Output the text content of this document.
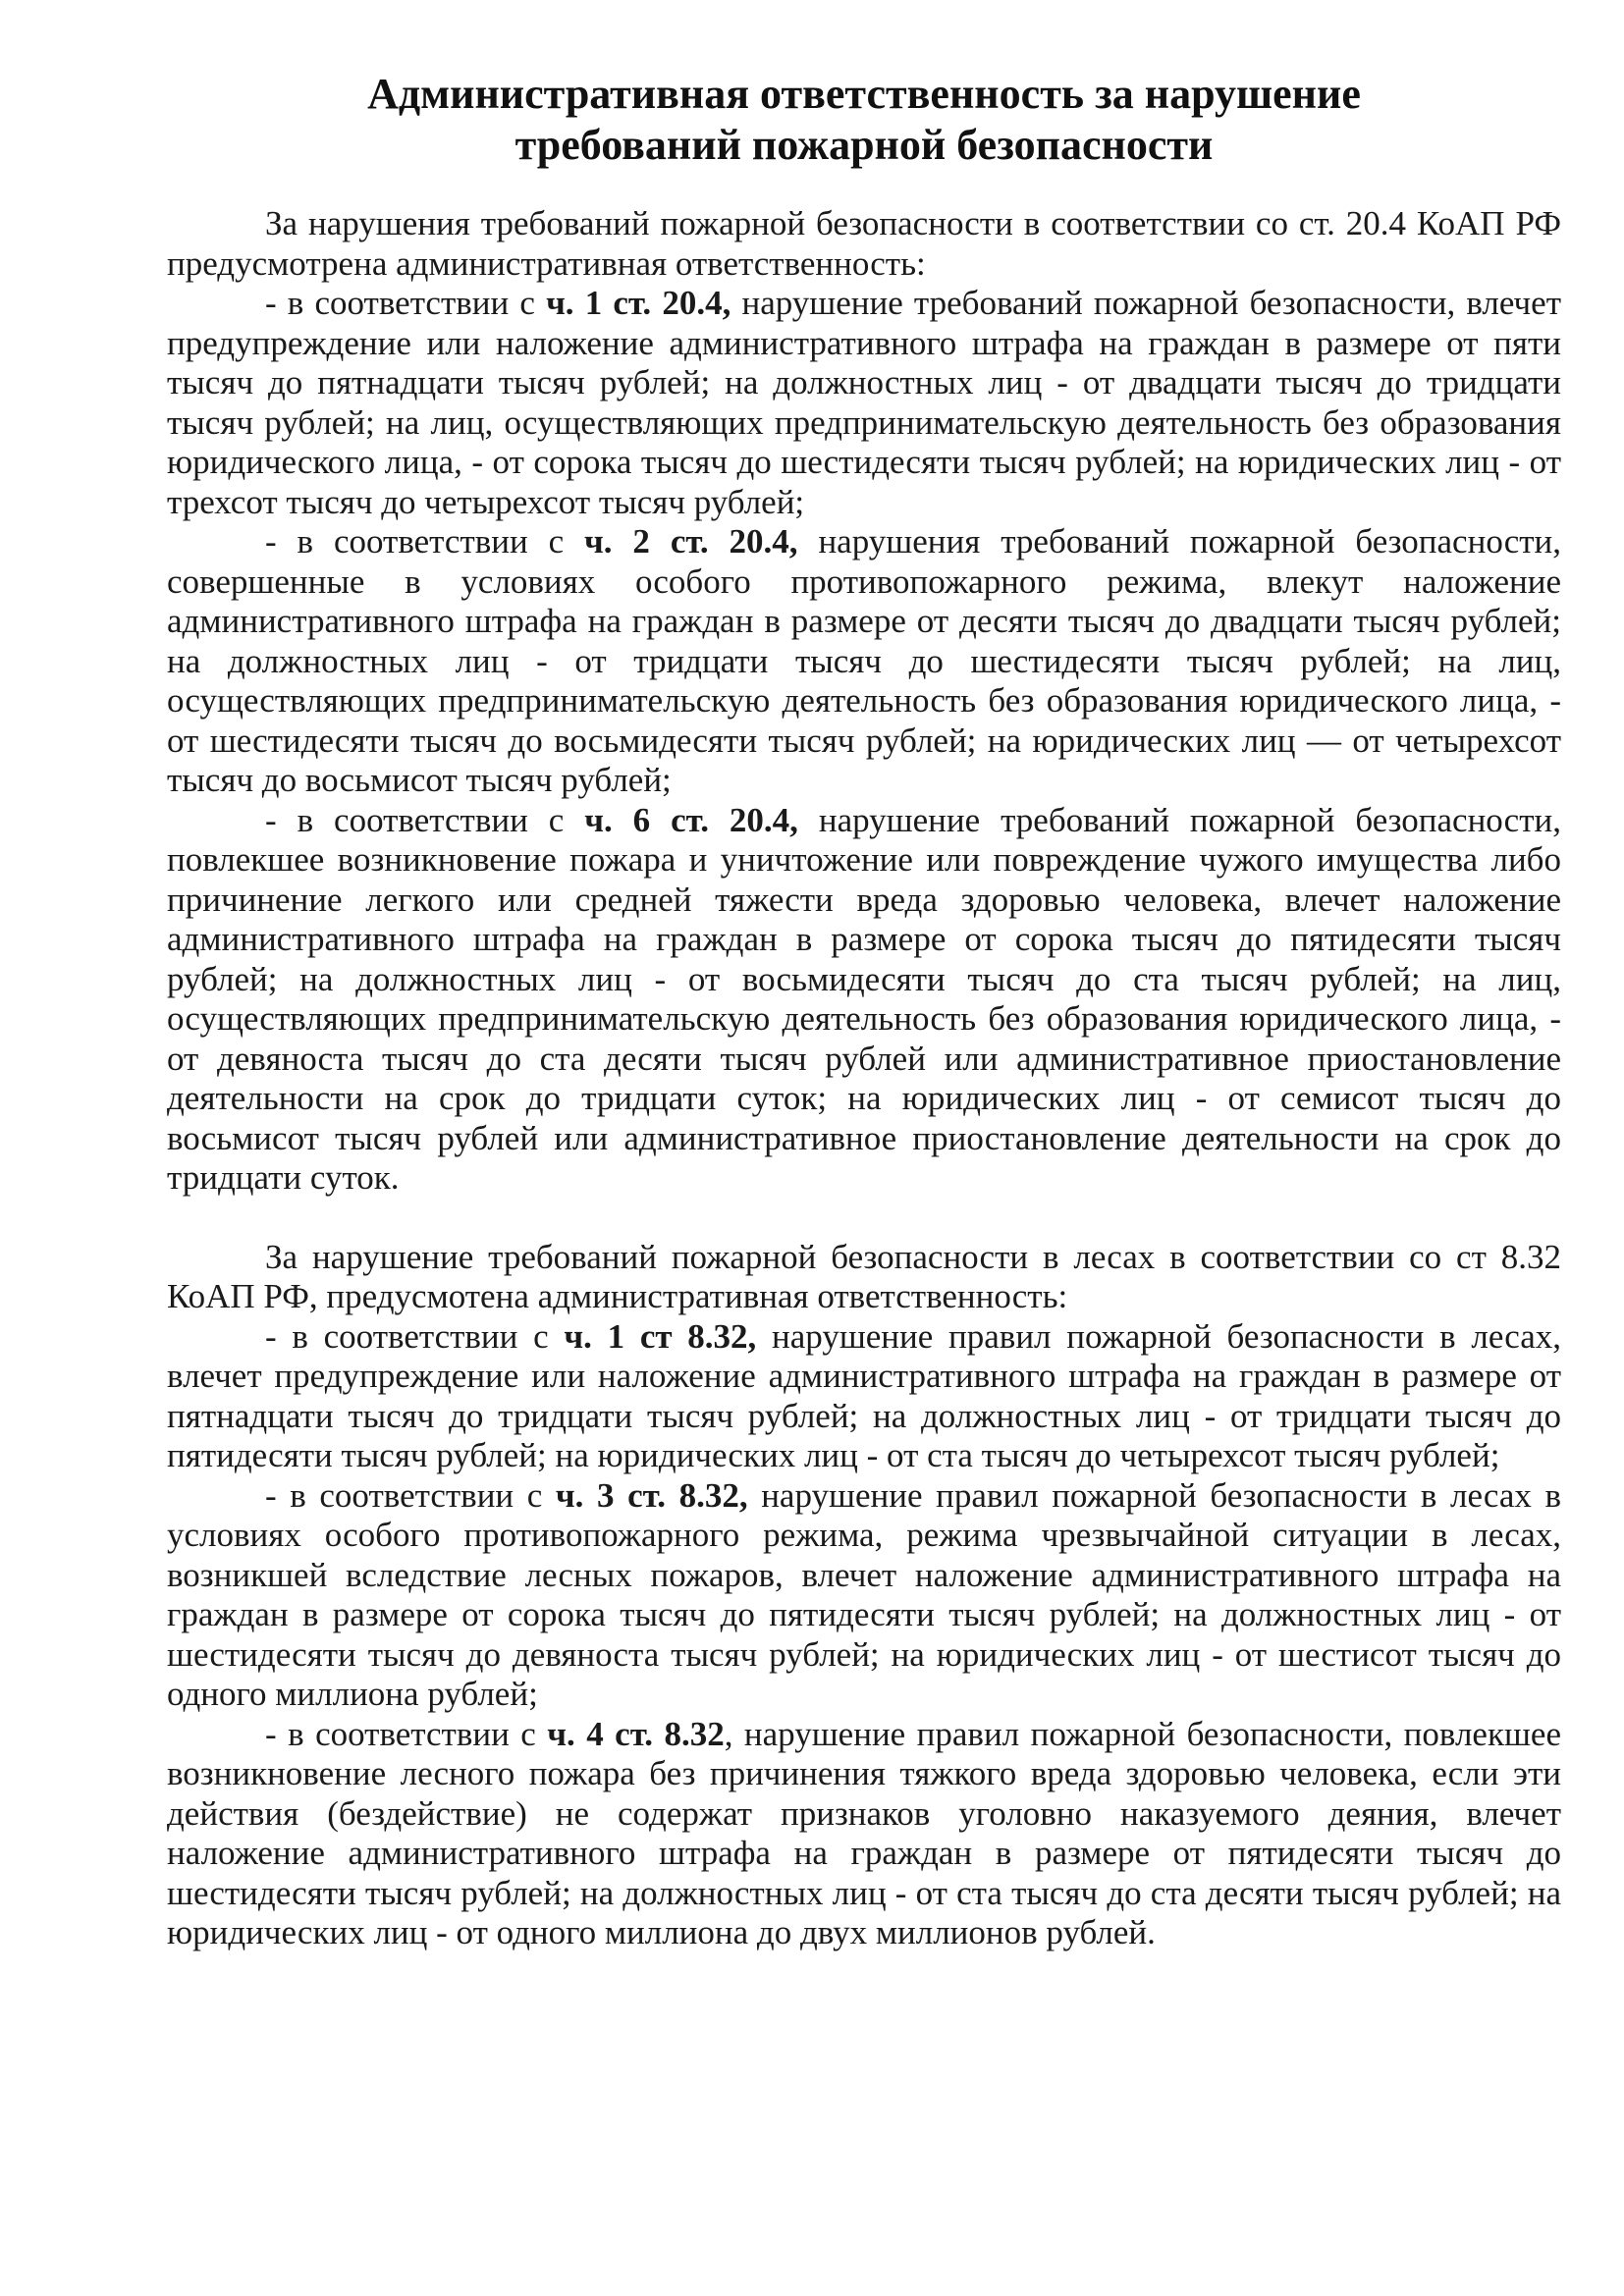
Административная ответственность за нарушение
требований пожарной безопасности

За нарушения требований пожарной безопасности в соответствии со ст. 20.4 КоАП РФ предусмотрена административная ответственность:

- в соответствии с ч. 1 ст. 20.4, нарушение требований пожарной безопасности, влечет предупреждение или наложение административного штрафа на граждан в размере от пяти тысяч до пятнадцати тысяч рублей; на должностных лиц - от двадцати тысяч до тридцати тысяч рублей; на лиц, осуществляющих предпринимательскую деятельность без образования юридического лица, - от сорока тысяч до шестидесяти тысяч рублей; на юридических лиц - от трехсот тысяч до четырехсот тысяч рублей;

- в соответствии с ч. 2 ст. 20.4, нарушения требований пожарной безопасности, совершенные в условиях особого противопожарного режима, влекут наложение административного штрафа на граждан в размере от десяти тысяч до двадцати тысяч рублей; на должностных лиц - от тридцати тысяч до шестидесяти тысяч рублей; на лиц, осуществляющих предпринимательскую деятельность без образования юридического лица, - от шестидесяти тысяч до восьмидесяти тысяч рублей; на юридических лиц — от четырехсот тысяч до восьмисот тысяч рублей;

- в соответствии с ч. 6 ст. 20.4, нарушение требований пожарной безопасности, повлекшее возникновение пожара и уничтожение или повреждение чужого имущества либо причинение легкого или средней тяжести вреда здоровью человека, влечет наложение административного штрафа на граждан в размере от сорока тысяч до пятидесяти тысяч рублей; на должностных лиц - от восьмидесяти тысяч до ста тысяч рублей; на лиц, осуществляющих предпринимательскую деятельность без образования юридического лица, - от девяноста тысяч до ста десяти тысяч рублей или административное приостановление деятельности на срок до тридцати суток; на юридических лиц - от семисот тысяч до восьмисот тысяч рублей или административное приостановление деятельности на срок до тридцати суток.

За нарушение требований пожарной безопасности в лесах в соответствии со ст 8.32 КоАП РФ, предусмотена административная ответственность:

- в соответствии с ч. 1 ст 8.32, нарушение правил пожарной безопасности в лесах, влечет предупреждение или наложение административного штрафа на граждан в размере от пятнадцати тысяч до тридцати тысяч рублей; на должностных лиц - от тридцати тысяч до пятидесяти тысяч рублей; на юридических лиц - от ста тысяч до четырехсот тысяч рублей;

- в соответствии с ч. 3 ст. 8.32, нарушение правил пожарной безопасности в лесах в условиях особого противопожарного режима, режима чрезвычайной ситуации в лесах, возникшей вследствие лесных пожаров, влечет наложение административного штрафа на граждан в размере от сорока тысяч до пятидесяти тысяч рублей; на должностных лиц - от шестидесяти тысяч до девяноста тысяч рублей; на юридических лиц - от шестисот тысяч до одного миллиона рублей;

- в соответствии с ч. 4 ст. 8.32, нарушение правил пожарной безопасности, повлекшее возникновение лесного пожара без причинения тяжкого вреда здоровью человека, если эти действия (бездействие) не содержат признаков уголовно наказуемого деяния, влечет наложение административного штрафа на граждан в размере от пятидесяти тысяч до шестидесяти тысяч рублей; на должностных лиц - от ста тысяч до ста десяти тысяч рублей; на юридических лиц - от одного миллиона до двух миллионов рублей.
